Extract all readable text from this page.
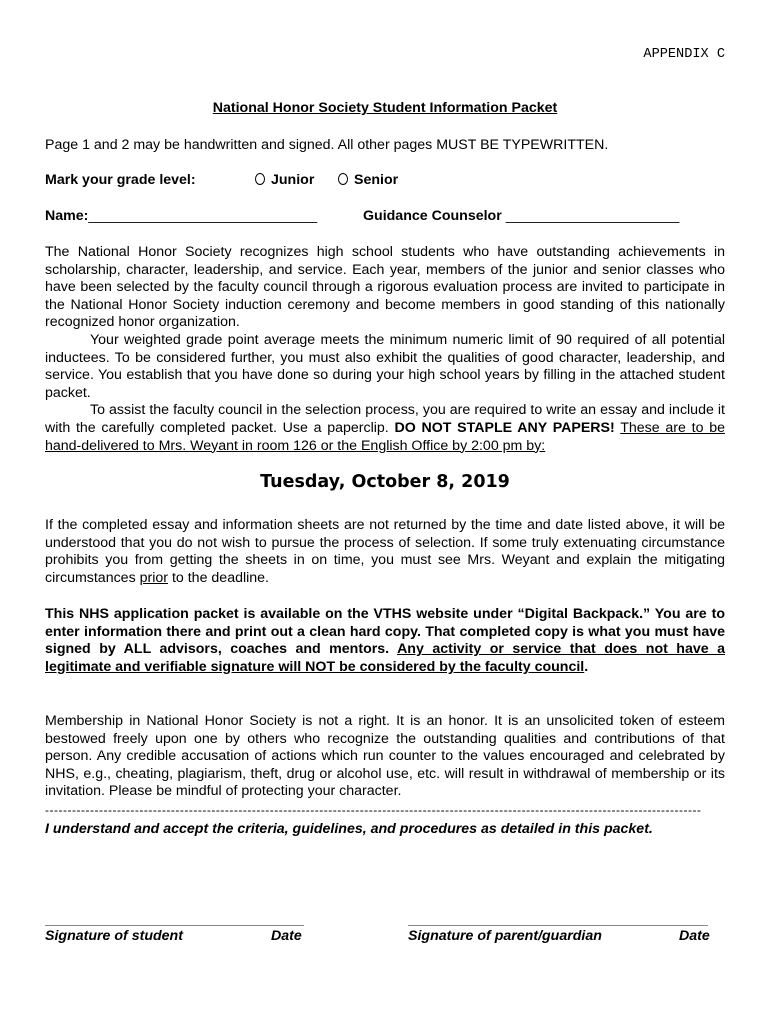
APPENDIX C
National Honor Society Student Information Packet
Page 1 and 2 may be handwritten and signed. All other pages MUST BE TYPEWRITTEN.
Mark your grade level:	Junior	Senior
Name:_____________________________	Guidance Counselor ______________________
The National Honor Society recognizes high school students who have outstanding achievements in scholarship, character, leadership, and service. Each year, members of the junior and senior classes who have been selected by the faculty council through a rigorous evaluation process are invited to participate in the National Honor Society induction ceremony and become members in good standing of this nationally recognized honor organization.
Your weighted grade point average meets the minimum numeric limit of 90 required of all potential inductees. To be considered further, you must also exhibit the qualities of good character, leadership, and service. You establish that you have done so during your high school years by filling in the attached student packet.
To assist the faculty council in the selection process, you are required to write an essay and include it with the carefully completed packet. Use a paperclip. DO NOT STAPLE ANY PAPERS! These are to be hand-delivered to Mrs. Weyant in room 126 or the English Office by 2:00 pm by:
Tuesday, October 8, 2019
If the completed essay and information sheets are not returned by the time and date listed above, it will be understood that you do not wish to pursue the process of selection. If some truly extenuating circumstance prohibits you from getting the sheets in on time, you must see Mrs. Weyant and explain the mitigating circumstances prior to the deadline.
This NHS application packet is available on the VTHS website under “Digital Backpack.” You are to enter information there and print out a clean hard copy. That completed copy is what you must have signed by ALL advisors, coaches and mentors. Any activity or service that does not have a legitimate and verifiable signature will NOT be considered by the faculty council.
Membership in National Honor Society is not a right. It is an honor. It is an unsolicited token of esteem bestowed freely upon one by others who recognize the outstanding qualities and contributions of that person. Any credible accusation of actions which run counter to the values encouraged and celebrated by NHS, e.g., cheating, plagiarism, theft, drug or alcohol use, etc. will result in withdrawal of membership or its invitation. Please be mindful of protecting your character.
--------------------------------------------------------------------------------------------------------------------------------------------------
I understand and accept the criteria, guidelines, and procedures as detailed in this packet.
Signature of student	Date	Signature of parent/guardian	Date
